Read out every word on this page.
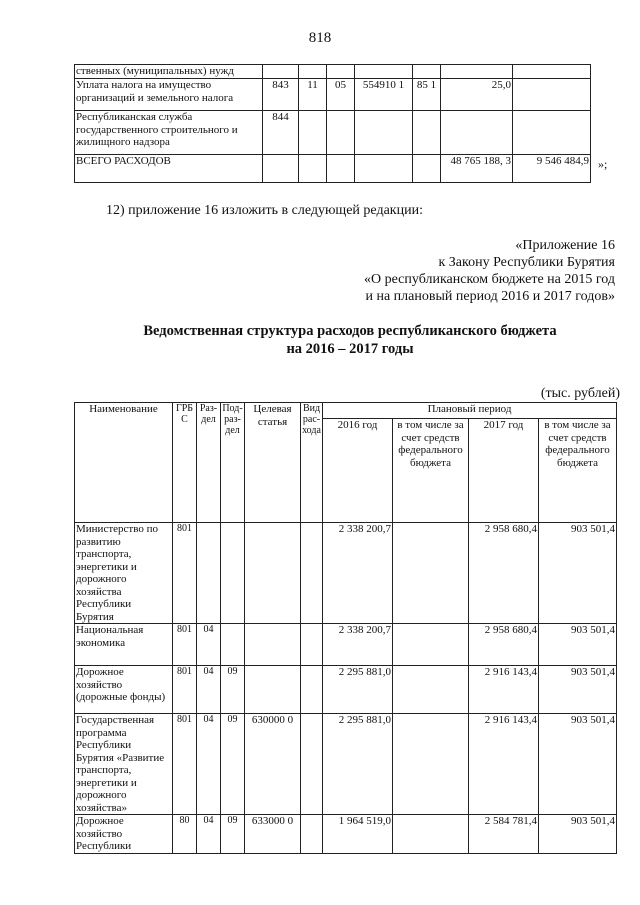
818
ственных (муниципальных) нужд							
Уплата налога на имущество организаций и земельного налога	843	11	05	554910 1	85 1	25,0	
Республиканская служба государственного строительного и жилищного надзора	844						
ВСЕГО РАСХОДОВ						48 765 188, 3	9 546 484,9 »;
12) приложение 16 изложить в следующей редакции:
«Приложение 16
к Закону Республики Бурятия
«О республиканском бюджете на 2015 год
и на плановый период 2016 и 2017 годов»
Ведомственная структура расходов республиканского бюджета
на 2016 – 2017 годы
(тыс. рублей)
Наименование	ГРБС	Раз-дел	Под-раз-дел	Целевая статья	Вид рас-хода	Плановый период			
						2016 год	в том числе за счет средств федерального бюджета	2017 год	в том числе за счет средств федерального бюджета
Министерство по развитию транспорта, энергетики и дорожного хозяйства Республики Бурятия	801					2 338 200,7		2 958 680,4	903 501,4
Национальная экономика	801	04				2 338 200,7		2 958 680,4	903 501,4
Дорожное хозяйство (дорожные фонды)	801	04	09			2 295 881,0		2 916 143,4	903 501,4
Государственная программа Республики Бурятия «Развитие транспорта, энергетики и дорожного хозяйства»	801	04	09	630000 0		2 295 881,0		2 916 143,4	903 501,4
Дорожное хозяйство Республики	80	04	09	633000 0		1 964 519,0		2 584 781,4	903 501,4
